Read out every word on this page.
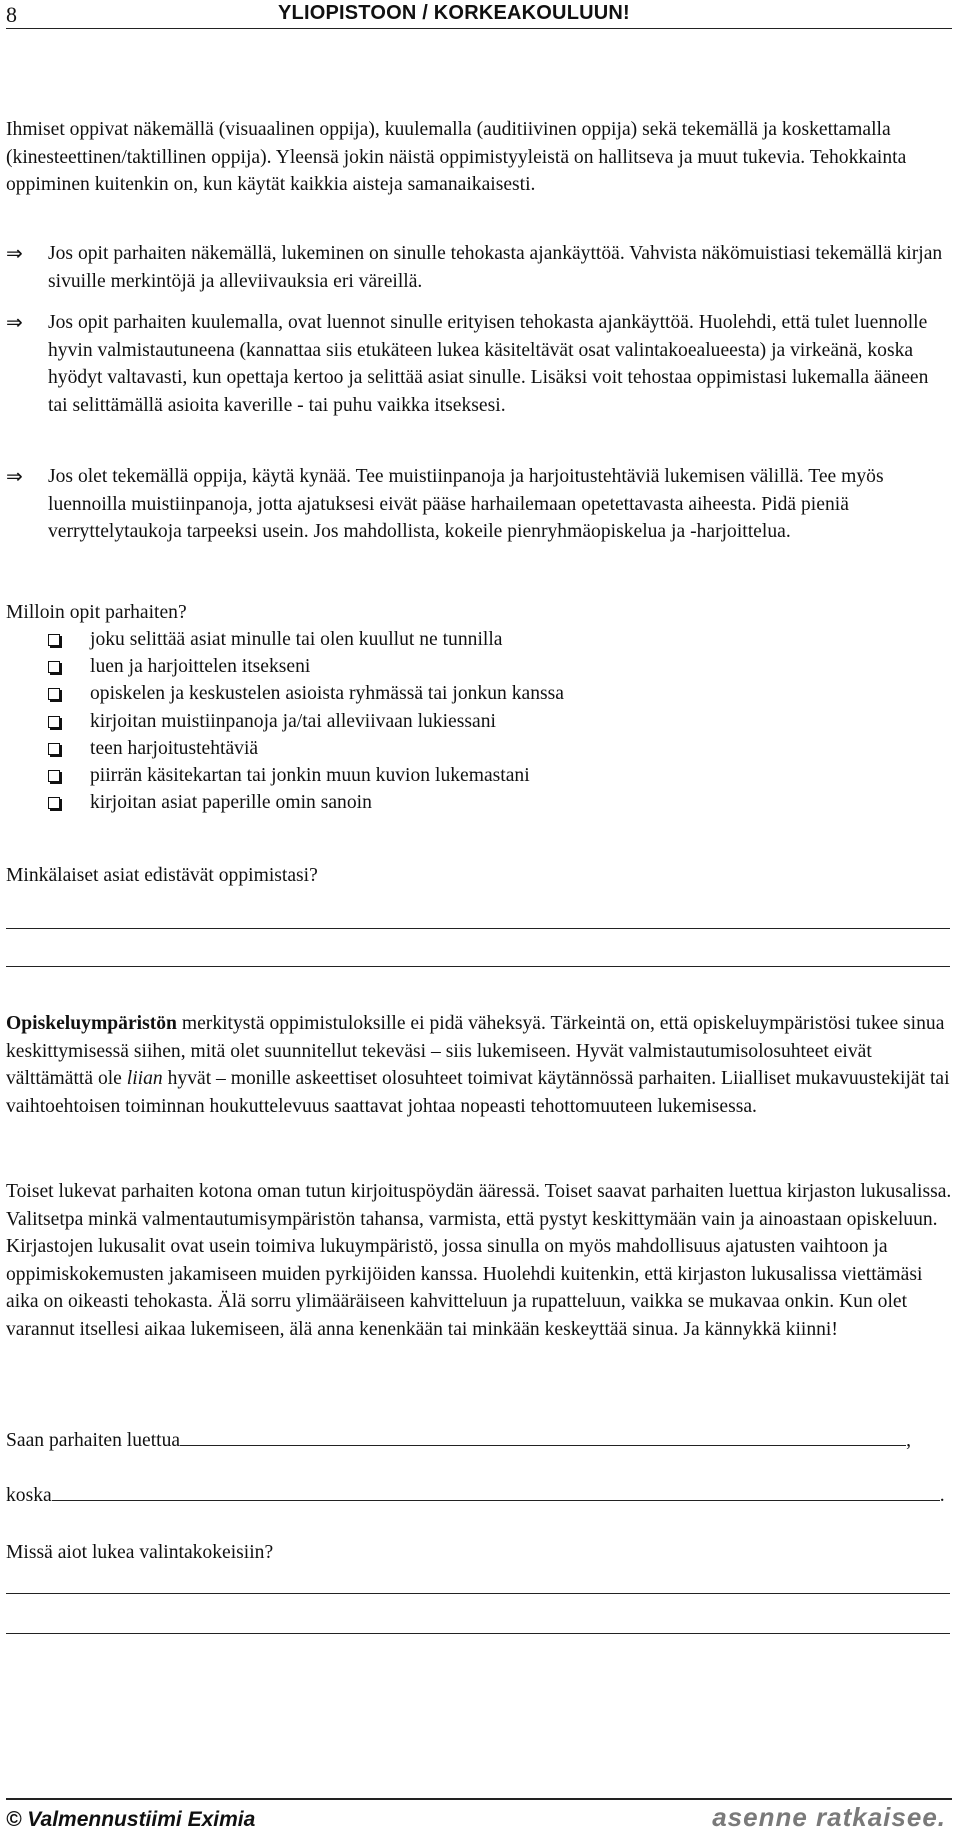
8	YLIOPISTOON / KORKEAKOULUUN!

Ihmiset oppivat näkemällä (visuaalinen oppija), kuulemalla (auditiivinen oppija) sekä tekemällä ja koskettamalla (kinesteettinen/taktillinen oppija). Yleensä jokin näistä oppimistyyleistä on hallitseva ja muut tukevia. Tehokkainta oppiminen kuitenkin on, kun käytät kaikkia aisteja samanaikaisesti.

⇒ Jos opit parhaiten näkemällä, lukeminen on sinulle tehokasta ajankäyttöä. Vahvista näkömuistiasi tekemällä kirjan sivuille merkintöjä ja alleviivauksia eri väreillä.

⇒ Jos opit parhaiten kuulemalla, ovat luennot sinulle erityisen tehokasta ajankäyttöä. Huolehdi, että tulet luennolle hyvin valmistautuneena (kannattaa siis etukäteen lukea käsiteltävät osat valintakoealueesta) ja virkeänä, koska hyödyt valtavasti, kun opettaja kertoo ja selittää asiat sinulle. Lisäksi voit tehostaa oppimistasi lukemalla ääneen tai selittämällä asioita kaverille - tai puhu vaikka itseksesi.

⇒ Jos olet tekemällä oppija, käytä kynää. Tee muistiinpanoja ja harjoitustehtäviä lukemisen välillä. Tee myös luennoilla muistiinpanoja, jotta ajatuksesi eivät pääse harhailemaan opetettavasta aiheesta. Pidä pieniä verryttelytaukoja tarpeeksi usein. Jos mahdollista, kokeile pienryhmäopiskelua ja -harjoittelua.

Milloin opit parhaiten?
joku selittää asiat minulle tai olen kuullut ne tunnilla
luen ja harjoittelen itsekseni
opiskelen ja keskustelen asioista ryhmässä tai jonkun kanssa
kirjoitan muistiinpanoja ja/tai alleviivaan lukiessani
teen harjoitustehtäviä
piirrän käsitekartan tai jonkin muun kuvion lukemastani
kirjoitan asiat paperille omin sanoin
Minkälaiset asiat edistävät oppimistasi?

Opiskeluympäristön merkitystä oppimistuloksille ei pidä väheksyä. Tärkeintä on, että opiskeluympäristösi tukee sinua keskittymisessä siihen, mitä olet suunnitellut tekeväsi – siis lukemiseen. Hyvät valmistautumisolosuhteet eivät välttämättä ole liian hyvät – monille askeettiset olosuhteet toimivat käytännössä parhaiten. Liialliset mukavuustekijät tai vaihtoehtoisen toiminnan houkuttelevuus saattavat johtaa nopeasti tehottomuuteen lukemisessa.

Toiset lukevat parhaiten kotona oman tutun kirjoituspöydän ääressä. Toiset saavat parhaiten luettua kirjaston lukusalissa. Valitsetpa minkä valmentautumisympäristön tahansa, varmista, että pystyt keskittymään vain ja ainoastaan opiskeluun. Kirjastojen lukusalit ovat usein toimiva lukuympäristö, jossa sinulla on myös mahdollisuus ajatusten vaihtoon ja oppimiskokemusten jakamiseen muiden pyrkijöiden kanssa. Huolehdi kuitenkin, että kirjaston lukusalissa viettämäsi aika on oikeasti tehokasta. Älä sorru ylimääräiseen kahvitteluun ja rupatteluun, vaikka se mukavaa onkin. Kun olet varannut itsellesi aikaa lukemiseen, älä anna kenenkään tai minkään keskeyttää sinua. Ja kännykkä kiinni!

Saan parhaiten luettua	,
koska	.
Missä aiot lukea valintakokeisiin?
© Valmennustiimi Eximia	asenne ratkaisee.
